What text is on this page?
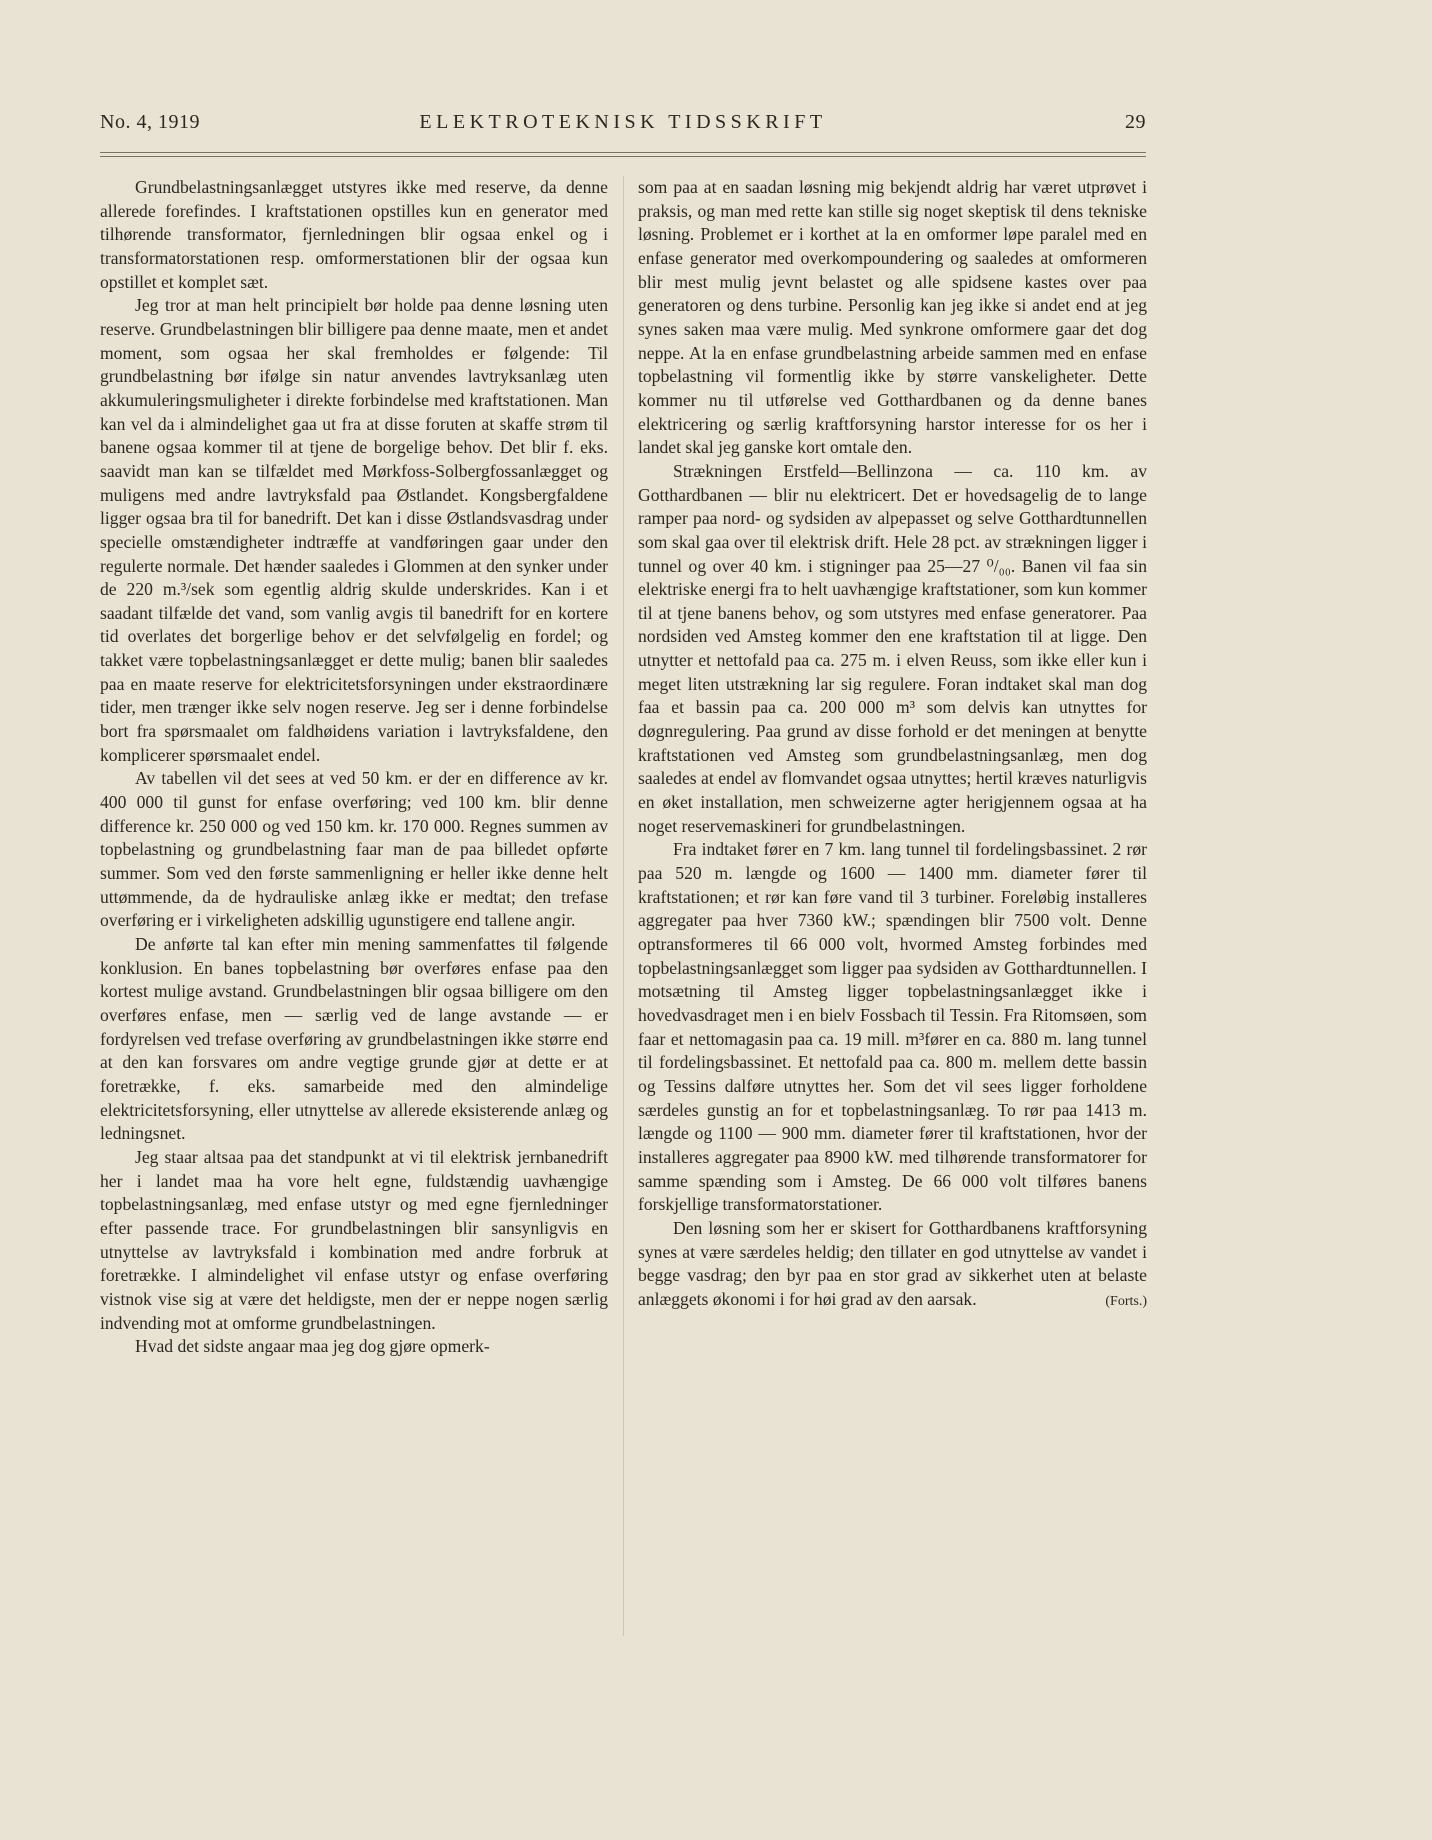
No. 4, 1919	ELEKTROTEKNISK TIDSSKRIFT	29

Grundbelastningsanlægget utstyres ikke med reserve, da denne allerede forefindes. I kraftstationen opstilles kun en generator med tilhørende transformator, fjernledningen blir ogsaa enkel og i transformatorstationen resp. omformerstationen blir der ogsaa kun opstillet et komplet sæt.

Jeg tror at man helt principielt bør holde paa denne løsning uten reserve. Grundbelastningen blir billigere paa denne maate, men et andet moment, som ogsaa her skal fremholdes er følgende: Til grundbelastning bør ifølge sin natur anvendes lavtryksanlæg uten akkumuleringsmuligheter i direkte forbindelse med kraftstationen. Man kan vel da i almindelighet gaa ut fra at disse foruten at skaffe strøm til banene ogsaa kommer til at tjene de borgelige behov. Det blir f. eks. saavidt man kan se tilfældet med Mørkfoss-Solbergfossanlægget og muligens med andre lavtryksfald paa Østlandet. Kongsbergfaldene ligger ogsaa bra til for banedrift. Det kan i disse Østlandsvasdrag under specielle omstændigheter indtræffe at vandføringen gaar under den regulerte normale. Det hænder saaledes i Glommen at den synker under de 220 m.³/sek som egentlig aldrig skulde underskrides. Kan i et saadant tilfælde det vand, som vanlig avgis til banedrift for en kortere tid overlates det borgerlige behov er det selvfølgelig en fordel; og takket være topbelastningsanlægget er dette mulig; banen blir saaledes paa en maate reserve for elektricitetsforsyningen under ekstraordinære tider, men trænger ikke selv nogen reserve. Jeg ser i denne forbindelse bort fra spørsmaalet om faldhøidens variation i lavtryksfaldene, den komplicerer spørsmaalet endel.

Av tabellen vil det sees at ved 50 km. er der en difference av kr. 400 000 til gunst for enfase overføring; ved 100 km. blir denne difference kr. 250 000 og ved 150 km. kr. 170 000. Regnes summen av topbelastning og grundbelastning faar man de paa billedet opførte summer. Som ved den første sammenligning er heller ikke denne helt uttømmende, da de hydrauliske anlæg ikke er medtat; den trefase overføring er i virkeligheten adskillig ugunstigere end tallene angir.

De anførte tal kan efter min mening sammenfattes til følgende konklusion. En banes topbelastning bør overføres enfase paa den kortest mulige avstand. Grundbelastningen blir ogsaa billigere om den overføres enfase, men — særlig ved de lange avstande — er fordyrelsen ved trefase overføring av grundbelastningen ikke større end at den kan forsvares om andre vegtige grunde gjør at dette er at foretrække, f. eks. samarbeide med den almindelige elektricitetsforsyning, eller utnyttelse av allerede eksisterende anlæg og ledningsnet.

Jeg staar altsaa paa det standpunkt at vi til elektrisk jernbanedrift her i landet maa ha vore helt egne, fuldstændig uavhængige topbelastningsanlæg, med enfase utstyr og med egne fjernledninger efter passende trace. For grundbelastningen blir sansynligvis en utnyttelse av lavtryksfald i kombination med andre forbruk at foretrække. I almindelighet vil enfase utstyr og enfase overføring vistnok vise sig at være det heldigste, men der er neppe nogen særlig indvending mot at omforme grundbelastningen.

Hvad det sidste angaar maa jeg dog gjøre opmerk-

som paa at en saadan løsning mig bekjendt aldrig har været utprøvet i praksis, og man med rette kan stille sig noget skeptisk til dens tekniske løsning. Problemet er i korthet at la en omformer løpe paralel med en enfase generator med overkompoundering og saaledes at omformeren blir mest mulig jevnt belastet og alle spidsene kastes over paa generatoren og dens turbine. Personlig kan jeg ikke si andet end at jeg synes saken maa være mulig. Med synkrone omformere gaar det dog neppe. At la en enfase grundbelastning arbeide sammen med en enfase topbelastning vil formentlig ikke by større vanskeligheter. Dette kommer nu til utførelse ved Gotthardbanen og da denne banes elektricering og særlig kraftforsyning harstor interesse for os her i landet skal jeg ganske kort omtale den.

Strækningen Erstfeld—Bellinzona — ca. 110 km. av Gotthardbanen — blir nu elektricert. Det er hovedsagelig de to lange ramper paa nord- og sydsiden av alpepasset og selve Gotthardtunnellen som skal gaa over til elektrisk drift. Hele 28 pct. av strækningen ligger i tunnel og over 40 km. i stigninger paa 25—27 ⁰/₀₀. Banen vil faa sin elektriske energi fra to helt uavhængige kraftstationer, som kun kommer til at tjene banens behov, og som utstyres med enfase generatorer. Paa nordsiden ved Amsteg kommer den ene kraftstation til at ligge. Den utnytter et nettofald paa ca. 275 m. i elven Reuss, som ikke eller kun i meget liten utstrækning lar sig regulere. Foran indtaket skal man dog faa et bassin paa ca. 200 000 m³ som delvis kan utnyttes for døgnregulering. Paa grund av disse forhold er det meningen at benytte kraftstationen ved Amsteg som grundbelastningsanlæg, men dog saaledes at endel av flomvandet ogsaa utnyttes; hertil kræves naturligvis en øket installation, men schweizerne agter herigjennem ogsaa at ha noget reservemaskineri for grundbelastningen.

Fra indtaket fører en 7 km. lang tunnel til fordelingsbassinet. 2 rør paa 520 m. længde og 1600 — 1400 mm. diameter fører til kraftstationen; et rør kan føre vand til 3 turbiner. Foreløbig installeres aggregater paa hver 7360 kW.; spændingen blir 7500 volt. Denne optransformeres til 66 000 volt, hvormed Amsteg forbindes med topbelastningsanlægget som ligger paa sydsiden av Gotthardtunnellen. I motsætning til Amsteg ligger topbelastningsanlægget ikke i hovedvasdraget men i en bielv Fossbach til Tessin. Fra Ritomsøen, som faar et nettomagasin paa ca. 19 mill. m³fører en ca. 880 m. lang tunnel til fordelingsbassinet. Et nettofald paa ca. 800 m. mellem dette bassin og Tessins dalføre utnyttes her. Som det vil sees ligger forholdene særdeles gunstig an for et topbelastningsanlæg. To rør paa 1413 m. længde og 1100 — 900 mm. diameter fører til kraftstationen, hvor der installeres aggregater paa 8900 kW. med tilhørende transformatorer for samme spænding som i Amsteg. De 66 000 volt tilføres banens forskjellige transformatorstationer.

Den løsning som her er skisert for Gotthardbanens kraftforsyning synes at være særdeles heldig; den tillater en god utnyttelse av vandet i begge vasdrag; den byr paa en stor grad av sikkerhet uten at belaste anlæggets økonomi i for høi grad av den aarsak.	(Forts.)
